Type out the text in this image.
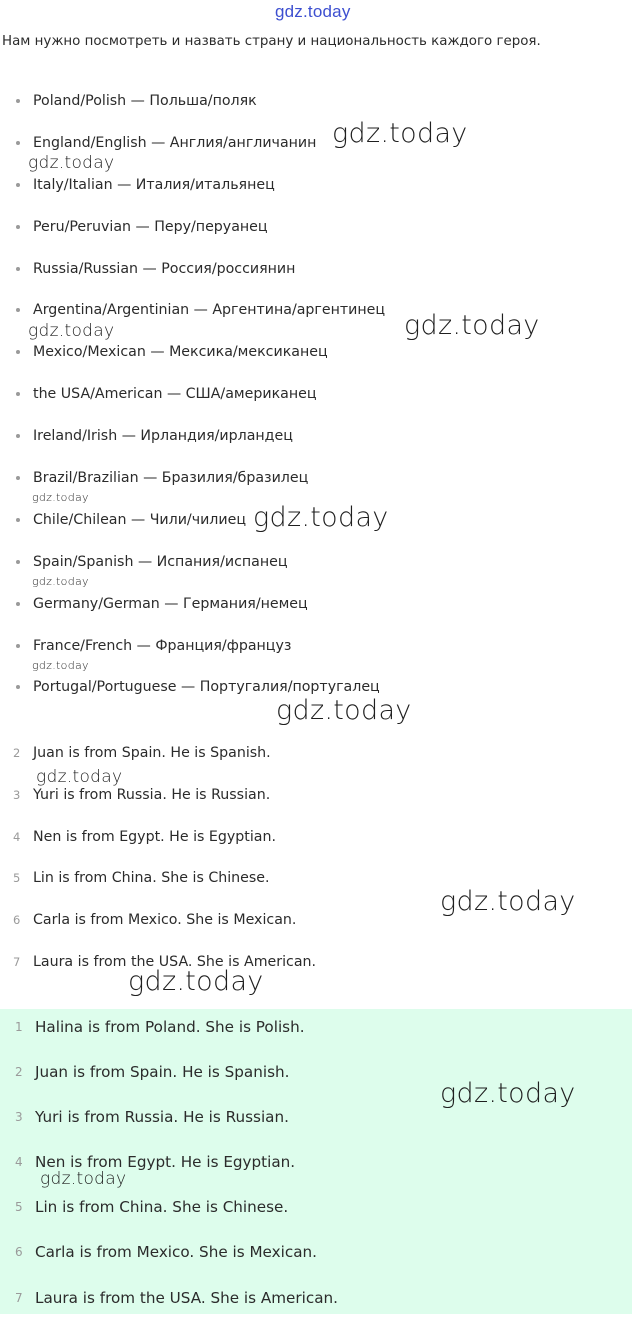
gdz.today
Нам нужно посмотреть и назвать страну и национальность каждого героя.
Poland/Polish — Польша/поляк
England/English — Англия/англичанин
Italy/Italian — Италия/итальянец
Peru/Peruvian — Перу/перуанец
Russia/Russian — Россия/россиянин
Argentina/Argentinian — Аргентина/аргентинец
Mexico/Mexican — Мексика/мексиканец
the USA/American — США/американец
Ireland/Irish — Ирландия/ирландец
Brazil/Brazilian — Бразилия/бразилец
Chile/Chilean — Чили/чилиец
Spain/Spanish — Испания/испанец
Germany/German — Германия/немец
France/French — Франция/француз
Portugal/Portuguese — Португалия/португалец
2 Juan is from Spain. He is Spanish.
3 Yuri is from Russia. He is Russian.
4 Nen is from Egypt. He is Egyptian.
5 Lin is from China. She is Chinese.
6 Carla is from Mexico. She is Mexican.
7 Laura is from the USA. She is American.
1 Halina is from Poland. She is Polish.
2 Juan is from Spain. He is Spanish.
3 Yuri is from Russia. He is Russian.
4 Nen is from Egypt. He is Egyptian.
5 Lin is from China. She is Chinese.
6 Carla is from Mexico. She is Mexican.
7 Laura is from the USA. She is American.
gdz.today
gdz.today
gdz.today	gdz.today
gdz.today
gdz.today
gdz.today
gdz.today
gdz.today
gdz.today
gdz.today
gdz.today
gdz.today
gdz.today
